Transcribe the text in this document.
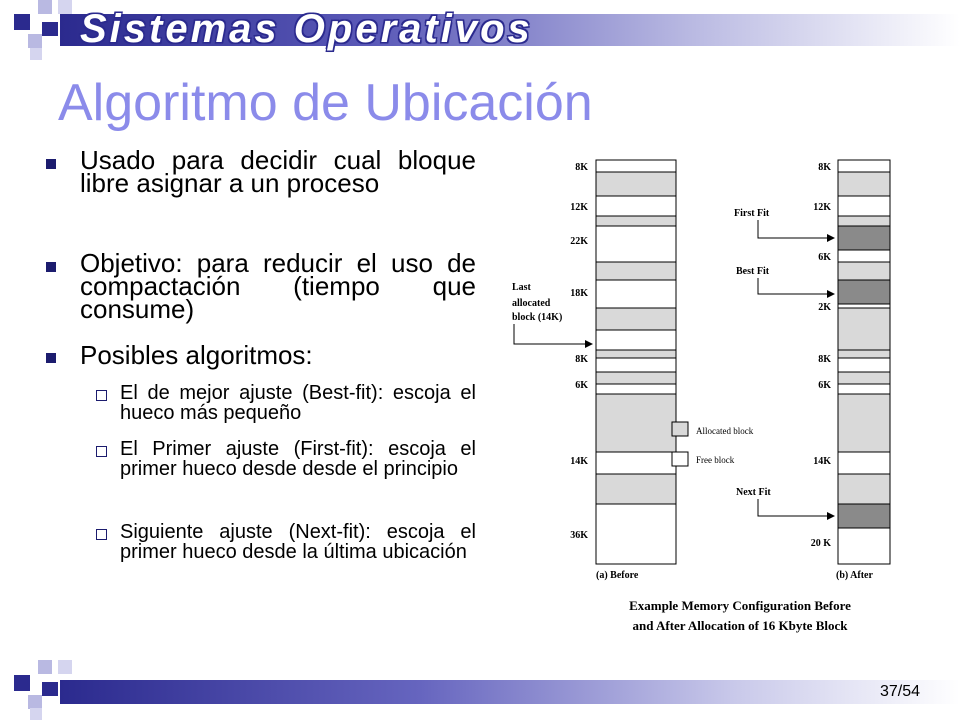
Sistemas Operativos
Algoritmo de Ubicación
Usado para decidir cual bloque libre asignar a un proceso
Objetivo: para reducir el uso de compactación (tiempo que consume)
Posibles algoritmos:
El de mejor ajuste (Best-fit): escoja el hueco más pequeño
El Primer ajuste (First-fit): escoja el primer hueco desde desde el principio
Siguiente ajuste (Next-fit): escoja el primer hueco desde la última ubicación
8K
12K
22K
18K
8K
6K
14K
36K
8K
12K
6K
2K
8K
6K
14K
20 K
Last
allocated
block (14K)
First Fit
Best Fit
Next Fit
Allocated block
Free block
(a) Before	(b) After
Example Memory Configuration Before
and After Allocation of 16 Kbyte Block
37/54
